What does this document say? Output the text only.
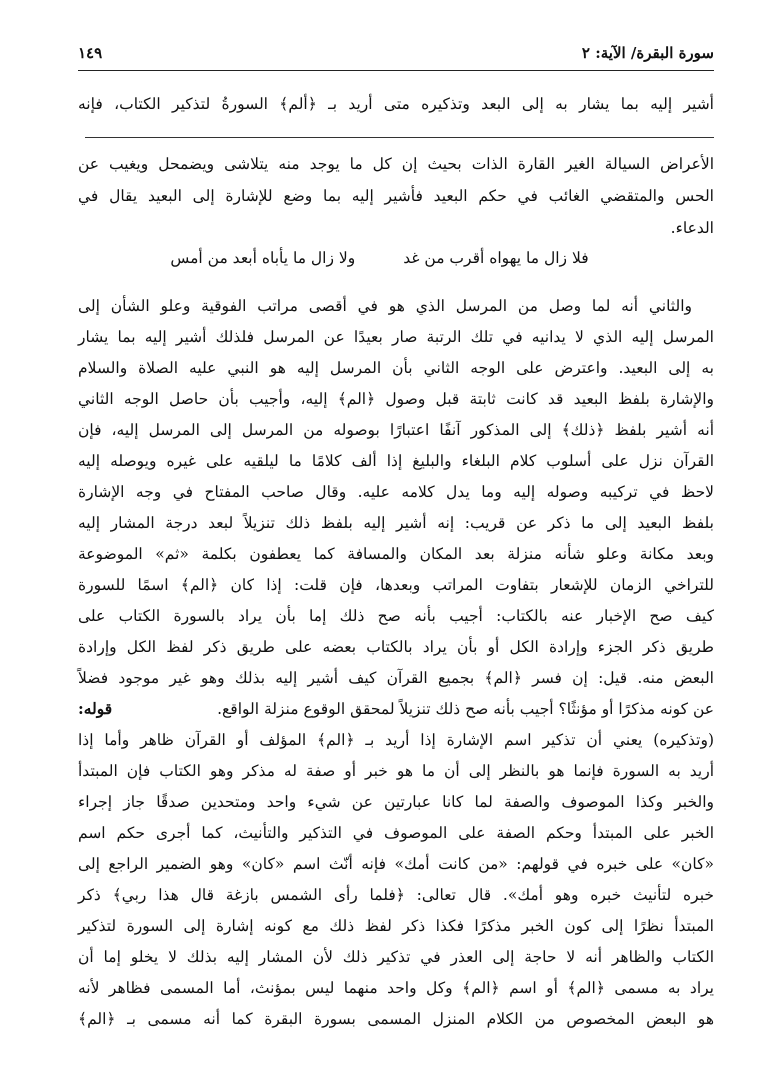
سورة البقرة/ الآية: ٢
١٤٩
أشير إليه بما يشار به إلى البعد وتذكيره متى أريد بـ ﴿ألم﴾ السورةُ لتذكير الكتاب، فإنه
الأعراض السيالة الغير القارة الذات بحيث إن كل ما يوجد منه يتلاشى ويضمحل ويغيب عن
الحس والمتقضي الغائب في حكم البعيد فأشير إليه بما وضع للإشارة إلى البعيد يقال في
الدعاء.
فلا زال ما يهواه أقرب من غد
ولا زال ما يأباه أبعد من أمس
والثاني أنه لما وصل من المرسل الذي هو في أقصى مراتب الفوقية وعلو الشأن إلى
المرسل إليه الذي لا يدانيه في تلك الرتبة صار بعيدًا عن المرسل فلذلك أشير إليه بما يشار
به إلى البعيد. واعترض على الوجه الثاني بأن المرسل إليه هو النبي عليه الصلاة والسلام
والإشارة بلفظ البعيد قد كانت ثابتة قبل وصول ﴿الم﴾ إليه، وأجيب بأن حاصل الوجه الثاني
أنه أشير بلفظ ﴿ذلك﴾ إلى المذكور آنفًا اعتبارًا بوصوله من المرسل إلى المرسل إليه، فإن
القرآن نزل على أسلوب كلام البلغاء والبليغ إذا ألف كلامًا ما ليلقيه على غيره ويوصله إليه
لاحظ في تركيبه وصوله إليه وما يدل كلامه عليه. وقال صاحب المفتاح في وجه الإشارة
بلفظ البعيد إلى ما ذكر عن قريب: إنه أشير إليه بلفظ ذلك تنزيلاً لبعد درجة المشار إليه
وبعد مكانة وعلو شأنه منزلة بعد المكان والمسافة كما يعطفون بكلمة «ثم» الموضوعة
للتراخي الزمان للإشعار بتفاوت المراتب وبعدها، فإن قلت: إذا كان ﴿الم﴾ اسمًا للسورة
كيف صح الإخبار عنه بالكتاب: أجيب بأنه صح ذلك إما بأن يراد بالسورة الكتاب على
طريق ذكر الجزء وإرادة الكل أو بأن يراد بالكتاب بعضه على طريق ذكر لفظ الكل وإرادة
البعض منه. قيل: إن فسر ﴿الم﴾ بجميع القرآن كيف أشير إليه بذلك وهو غير موجود فضلاً
عن كونه مذكرًا أو مؤنثًا؟ أجيب بأنه صح ذلك تنزيلاً لمحقق الوقوع منزلة الواقع.
قوله:
(وتذكيره) يعني أن تذكير اسم الإشارة إذا أريد بـ ﴿الم﴾ المؤلف أو القرآن ظاهر وأما إذا
أريد به السورة فإنما هو بالنظر إلى أن ما هو خبر أو صفة له مذكر وهو الكتاب فإن المبتدأ
والخبر وكذا الموصوف والصفة لما كانا عبارتين عن شيء واحد ومتحدين صدقًا جاز إجراء
الخبر على المبتدأ وحكم الصفة على الموصوف في التذكير والتأنيث، كما أجرى حكم اسم
«كان» على خبره في قولهم: «من كانت أمك» فإنه أنّث اسم «كان» وهو الضمير الراجع إلى
خبره لتأنيث خبره وهو أمك». قال تعالى: ﴿فلما رأى الشمس بازغة قال هذا ربي﴾ ذكر
المبتدأ نظرًا إلى كون الخبر مذكرًا فكذا ذكر لفظ ذلك مع كونه إشارة إلى السورة لتذكير
الكتاب والظاهر أنه لا حاجة إلى العذر في تذكير ذلك لأن المشار إليه بذلك لا يخلو إما أن
يراد به مسمى ﴿الم﴾ أو اسم ﴿الم﴾ وكل واحد منهما ليس بمؤنث، أما المسمى فظاهر لأنه
هو البعض المخصوص من الكلام المنزل المسمى بسورة البقرة كما أنه مسمى بـ ﴿الم﴾
